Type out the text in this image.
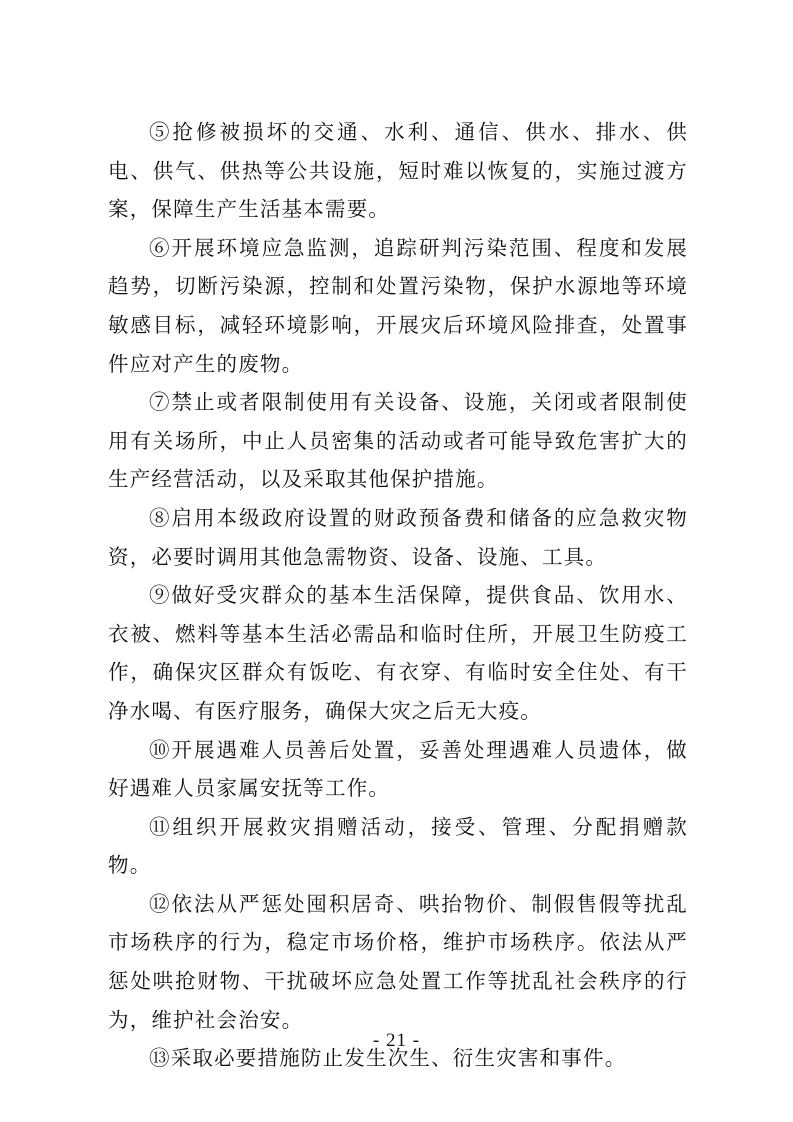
⑤抢修被损坏的交通、水利、通信、供水、排水、供电、供气、供热等公共设施，短时难以恢复的，实施过渡方案，保障生产生活基本需要。

⑥开展环境应急监测，追踪研判污染范围、程度和发展趋势，切断污染源，控制和处置污染物，保护水源地等环境敏感目标，减轻环境影响，开展灾后环境风险排查，处置事件应对产生的废物。

⑦禁止或者限制使用有关设备、设施，关闭或者限制使用有关场所，中止人员密集的活动或者可能导致危害扩大的生产经营活动，以及采取其他保护措施。

⑧启用本级政府设置的财政预备费和储备的应急救灾物资，必要时调用其他急需物资、设备、设施、工具。

⑨做好受灾群众的基本生活保障，提供食品、饮用水、衣被、燃料等基本生活必需品和临时住所，开展卫生防疫工作，确保灾区群众有饭吃、有衣穿、有临时安全住处、有干净水喝、有医疗服务，确保大灾之后无大疫。

⑩开展遇难人员善后处置，妥善处理遇难人员遗体，做好遇难人员家属安抚等工作。

⑪组织开展救灾捐赠活动，接受、管理、分配捐赠款物。

⑫依法从严惩处囤积居奇、哄抬物价、制假售假等扰乱市场秩序的行为，稳定市场价格，维护市场秩序。依法从严惩处哄抢财物、干扰破坏应急处置工作等扰乱社会秩序的行为，维护社会治安。

⑬采取必要措施防止发生次生、衍生灾害和事件。

- 21 -
